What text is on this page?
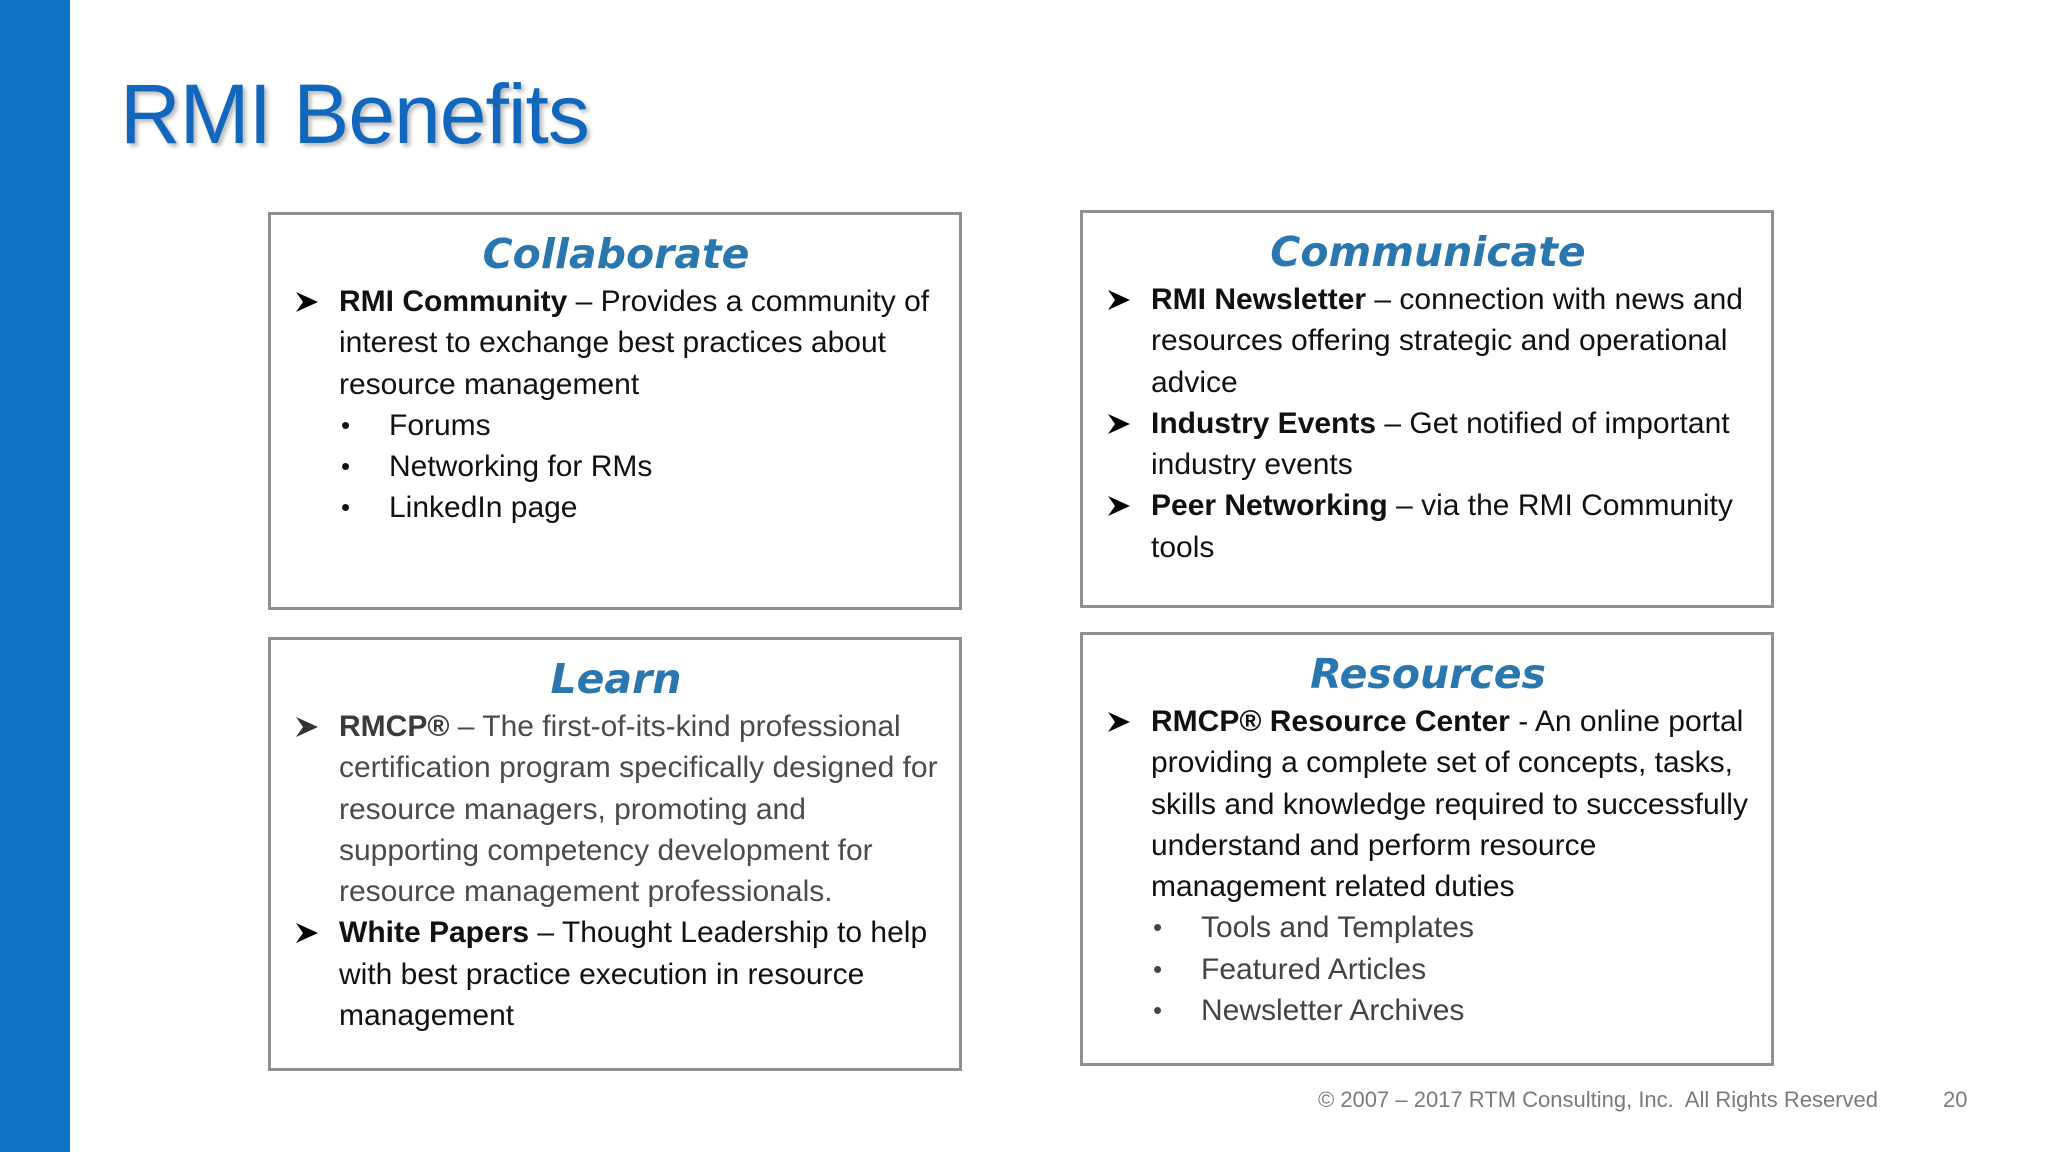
RMI Benefits
Collaborate
RMI Community – Provides a community of interest to exchange best practices about resource management
• Forums
• Networking for RMs
• LinkedIn page
Communicate
RMI Newsletter – connection with news and resources offering strategic and operational advice
Industry Events – Get notified of important industry events
Peer Networking – via the RMI Community tools
Learn
RMCP® – The first-of-its-kind professional certification program specifically designed for resource managers, promoting and supporting competency development for resource management professionals.
White Papers – Thought Leadership to help with best practice execution in resource management
Resources
RMCP® Resource Center - An online portal providing a complete set of concepts, tasks, skills and knowledge required to successfully understand and perform resource management related duties
• Tools and Templates
• Featured Articles
• Newsletter Archives
© 2007 – 2017 RTM Consulting, Inc.  All Rights Reserved	20
